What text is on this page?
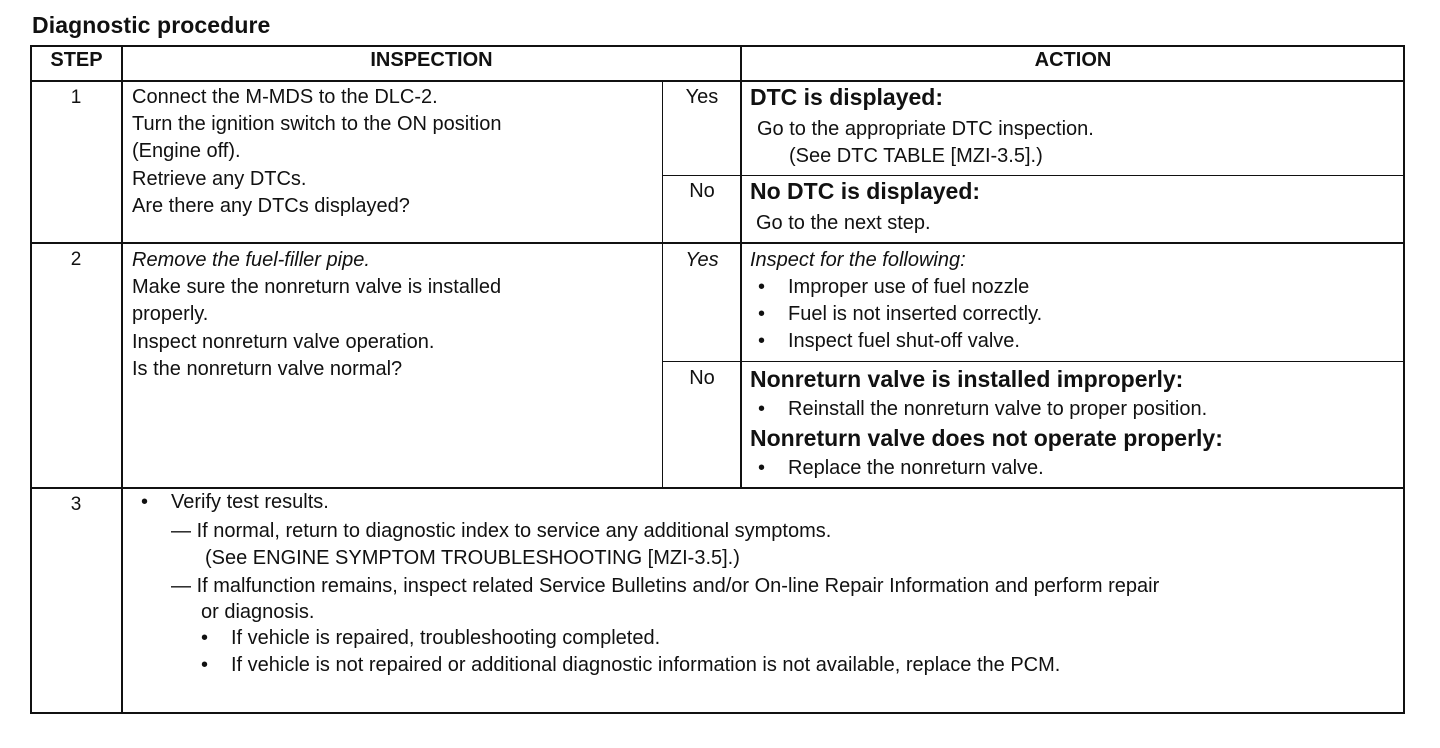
Diagnostic procedure
STEP	INSPECTION	ACTION
1	Connect the M-MDS to the DLC-2.
Turn the ignition switch to the ON position
(Engine off).
Retrieve any DTCs.
Are there any DTCs displayed?
Yes	DTC is displayed:
Go to the appropriate DTC inspection.
(See DTC TABLE [MZI-3.5].)
No	No DTC is displayed:
Go to the next step.
2	Remove the fuel-filler pipe.
Make sure the nonreturn valve is installed
properly.
Inspect nonreturn valve operation.
Is the nonreturn valve normal?
Yes	Inspect for the following:
• Improper use of fuel nozzle
• Fuel is not inserted correctly.
• Inspect fuel shut-off valve.
No	Nonreturn valve is installed improperly:
• Reinstall the nonreturn valve to proper position.
Nonreturn valve does not operate properly:
• Replace the nonreturn valve.
3	• Verify test results.
— If normal, return to diagnostic index to service any additional symptoms.
(See ENGINE SYMPTOM TROUBLESHOOTING [MZI-3.5].)
— If malfunction remains, inspect related Service Bulletins and/or On-line Repair Information and perform repair
or diagnosis.
• If vehicle is repaired, troubleshooting completed.
• If vehicle is not repaired or additional diagnostic information is not available, replace the PCM.
